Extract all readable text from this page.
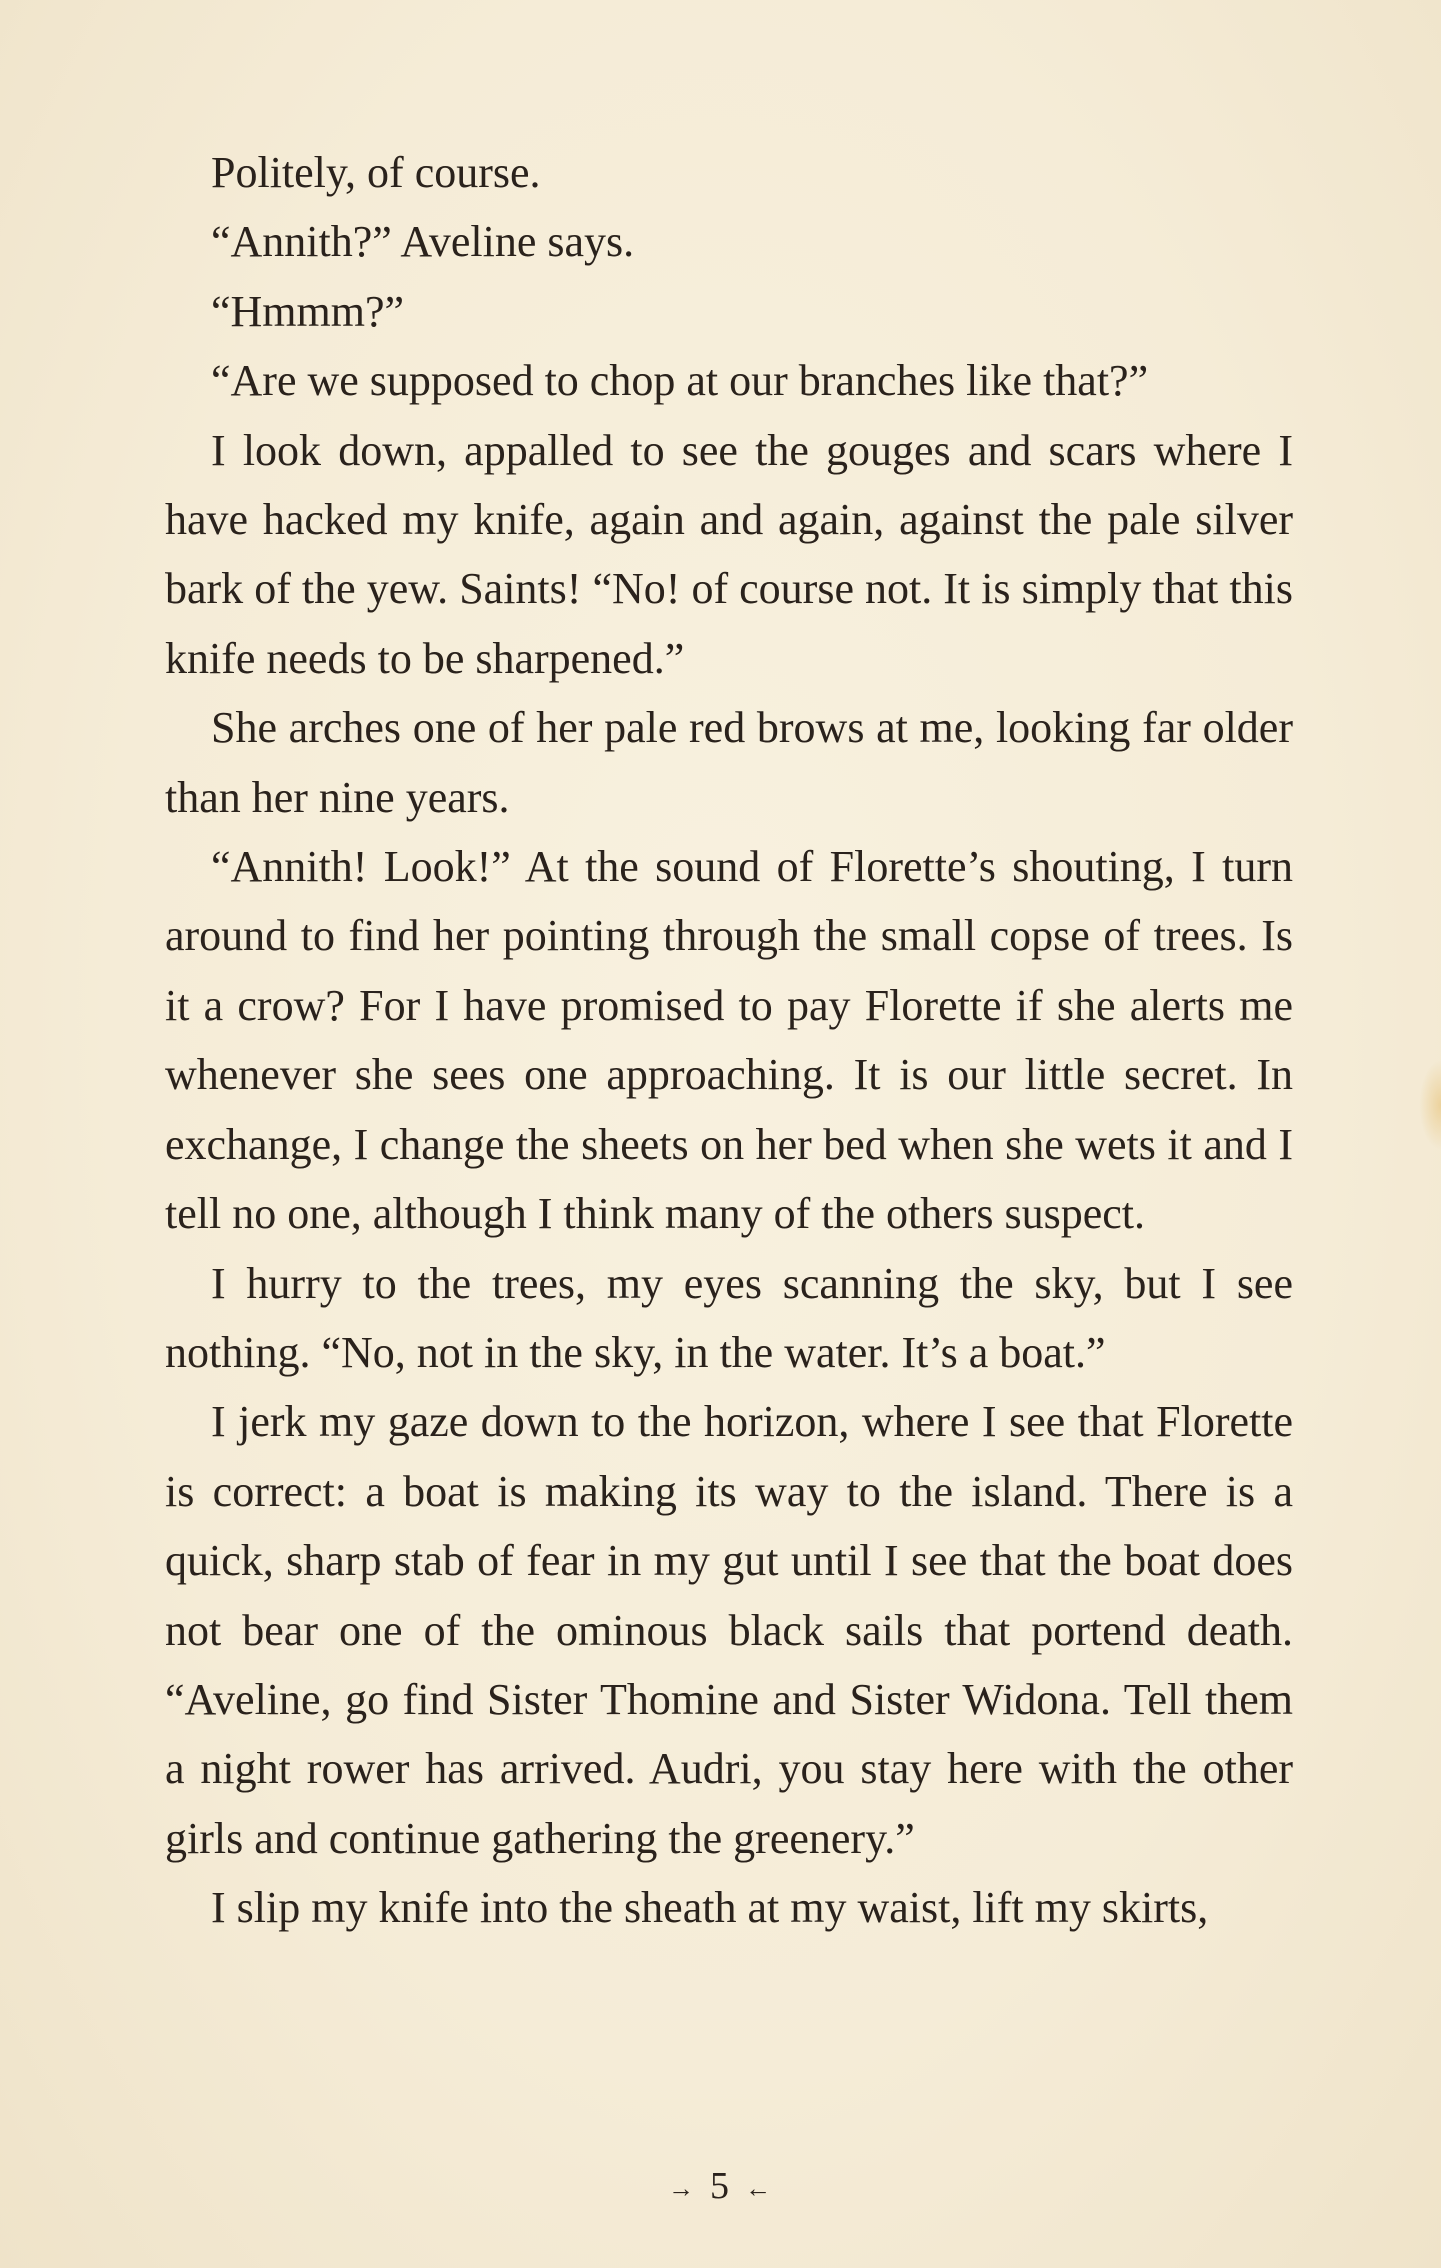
Politely, of course.

“Annith?” Aveline says.

“Hmmm?”

“Are we supposed to chop at our branches like that?”

I look down, appalled to see the gouges and scars where I have hacked my knife, again and again, against the pale silver bark of the yew. Saints! “No! of course not. It is simply that this knife needs to be sharpened.”

She arches one of her pale red brows at me, looking far older than her nine years.

“Annith! Look!” At the sound of Florette’s shouting, I turn around to find her pointing through the small copse of trees. Is it a crow? For I have promised to pay Florette if she alerts me whenever she sees one approaching. It is our little secret. In exchange, I change the sheets on her bed when she wets it and I tell no one, although I think many of the others suspect.

I hurry to the trees, my eyes scanning the sky, but I see nothing. “No, not in the sky, in the water. It’s a boat.”

I jerk my gaze down to the horizon, where I see that Florette is correct: a boat is making its way to the island. There is a quick, sharp stab of fear in my gut until I see that the boat does not bear one of the ominous black sails that portend death. “Aveline, go find Sister Thomine and Sister Widona. Tell them a night rower has arrived. Audri, you stay here with the other girls and continue gathering the greenery.”

I slip my knife into the sheath at my waist, lift my skirts,

→ 5 ←
